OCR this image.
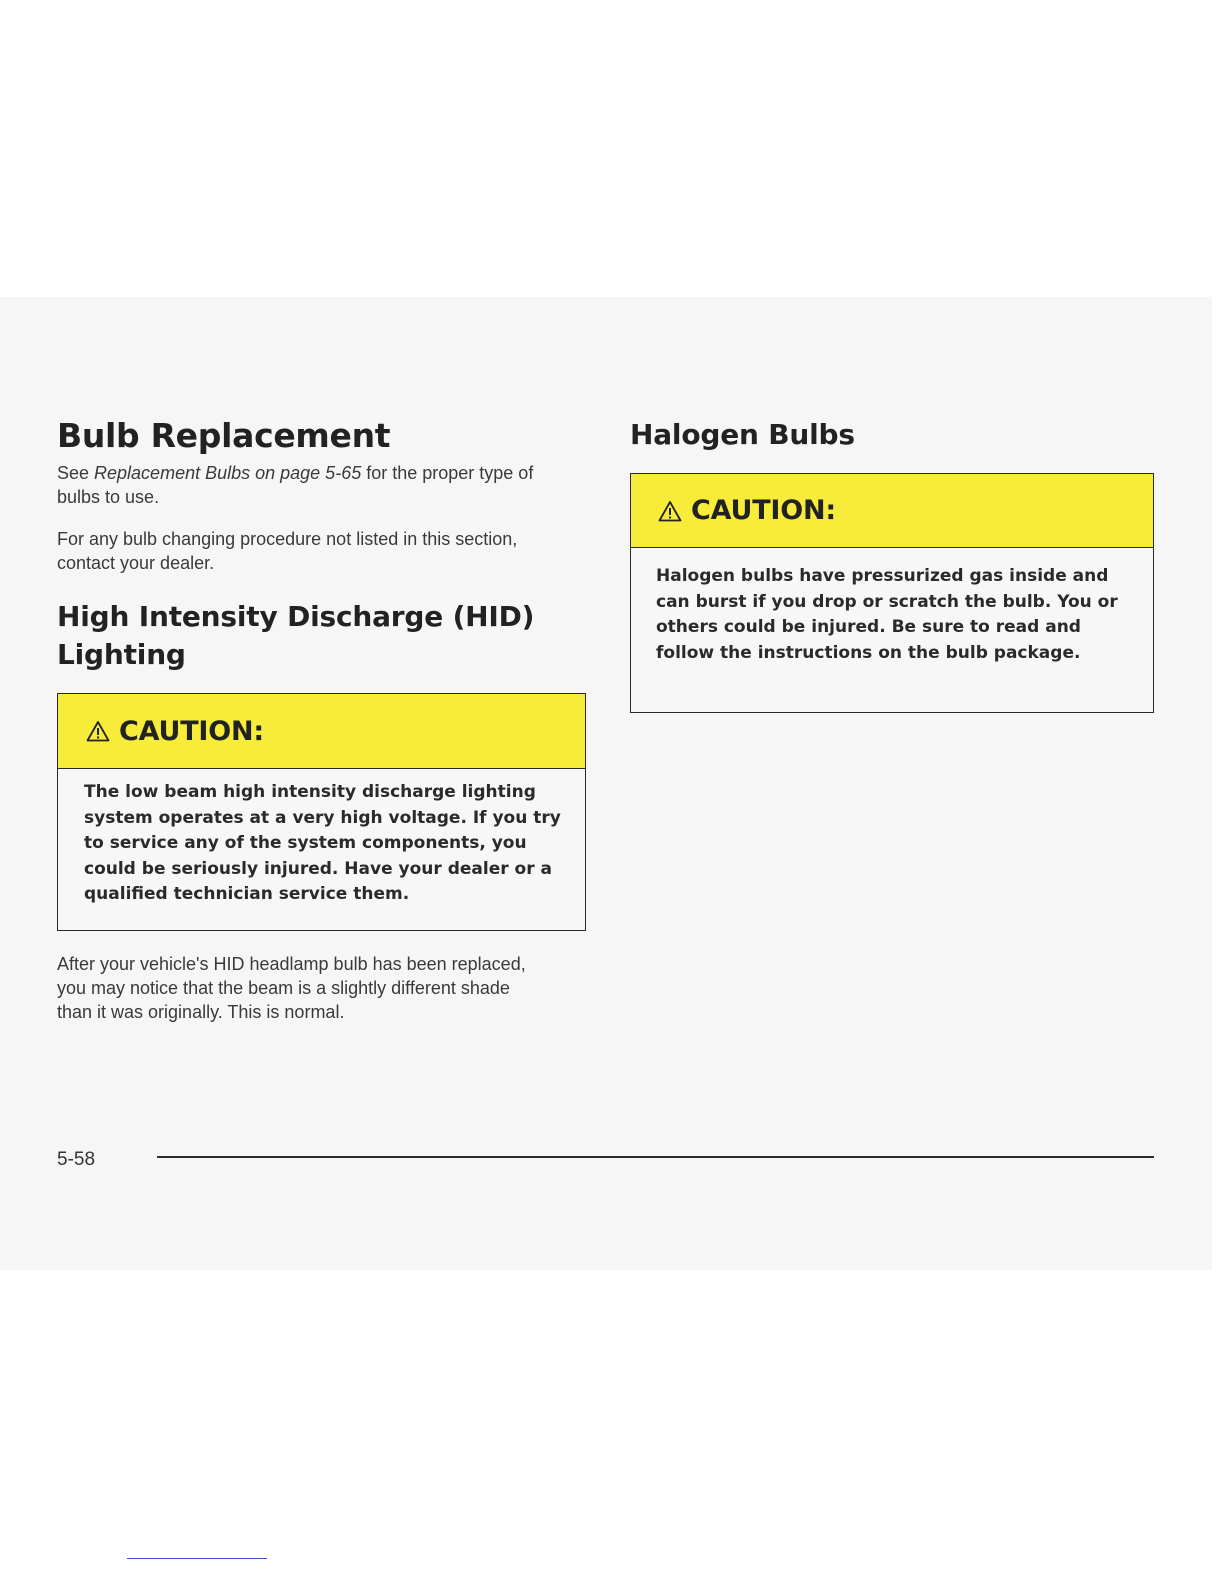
Bulb Replacement

See Replacement Bulbs on page 5-65 for the proper type of bulbs to use.

For any bulb changing procedure not listed in this section, contact your dealer.

High Intensity Discharge (HID) Lighting
CAUTION:

The low beam high intensity discharge lighting system operates at a very high voltage. If you try to service any of the system components, you could be seriously injured. Have your dealer or a qualified technician service them.

After your vehicle's HID headlamp bulb has been replaced, you may notice that the beam is a slightly different shade than it was originally. This is normal.

Halogen Bulbs
CAUTION:

Halogen bulbs have pressurized gas inside and can burst if you drop or scratch the bulb. You or others could be injured. Be sure to read and follow the instructions on the bulb package.

5-58
